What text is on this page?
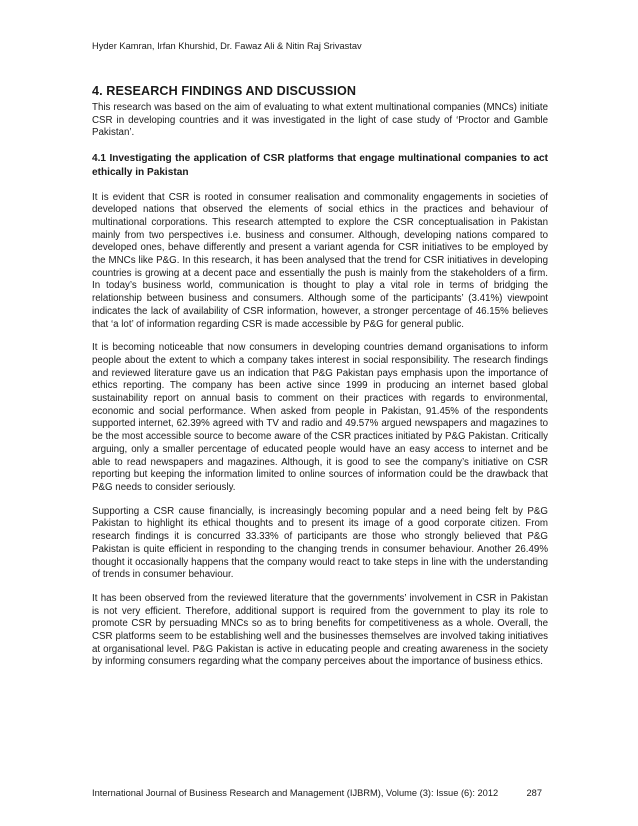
Hyder Kamran, Irfan Khurshid, Dr. Fawaz Ali & Nitin Raj Srivastav
4. RESEARCH FINDINGS AND DISCUSSION

This research was based on the aim of evaluating to what extent multinational companies (MNCs) initiate CSR in developing countries and it was investigated in the light of case study of ‘Proctor and Gamble Pakistan’.

4.1 Investigating the application of CSR platforms that engage multinational companies to act ethically in Pakistan

It is evident that CSR is rooted in consumer realisation and commonality engagements in societies of developed nations that observed the elements of social ethics in the practices and behaviour of multinational corporations. This research attempted to explore the CSR conceptualisation in Pakistan mainly from two perspectives i.e. business and consumer. Although, developing nations compared to developed ones, behave differently and present a variant agenda for CSR initiatives to be employed by the MNCs like P&G. In this research, it has been analysed that the trend for CSR initiatives in developing countries is growing at a decent pace and essentially the push is mainly from the stakeholders of a firm. In today’s business world, communication is thought to play a vital role in terms of bridging the relationship between business and consumers. Although some of the participants’ (3.41%) viewpoint indicates the lack of availability of CSR information, however, a stronger percentage of 46.15% believes that ‘a lot’ of information regarding CSR is made accessible by P&G for general public.

It is becoming noticeable that now consumers in developing countries demand organisations to inform people about the extent to which a company takes interest in social responsibility. The research findings and reviewed literature gave us an indication that P&G Pakistan pays emphasis upon the importance of ethics reporting. The company has been active since 1999 in producing an internet based global sustainability report on annual basis to comment on their practices with regards to environmental, economic and social performance. When asked from people in Pakistan, 91.45% of the respondents supported internet, 62.39% agreed with TV and radio and 49.57% argued newspapers and magazines to be the most accessible source to become aware of the CSR practices initiated by P&G Pakistan. Critically arguing, only a smaller percentage of educated people would have an easy access to internet and be able to read newspapers and magazines. Although, it is good to see the company’s initiative on CSR reporting but keeping the information limited to online sources of information could be the drawback that P&G needs to consider seriously.

Supporting a CSR cause financially, is increasingly becoming popular and a need being felt by P&G Pakistan to highlight its ethical thoughts and to present its image of a good corporate citizen. From research findings it is concurred 33.33% of participants are those who strongly believed that P&G Pakistan is quite efficient in responding to the changing trends in consumer behaviour. Another 26.49% thought it occasionally happens that the company would react to take steps in line with the understanding of trends in consumer behaviour.

It has been observed from the reviewed literature that the governments’ involvement in CSR in Pakistan is not very efficient. Therefore, additional support is required from the government to play its role to promote CSR by persuading MNCs so as to bring benefits for competitiveness as a whole. Overall, the CSR platforms seem to be establishing well and the businesses themselves are involved taking initiatives at organisational level. P&G Pakistan is active in educating people and creating awareness in the society by informing consumers regarding what the company perceives about the importance of business ethics.

International Journal of Business Research and Management (IJBRM), Volume (3): Issue (6): 2012	287
